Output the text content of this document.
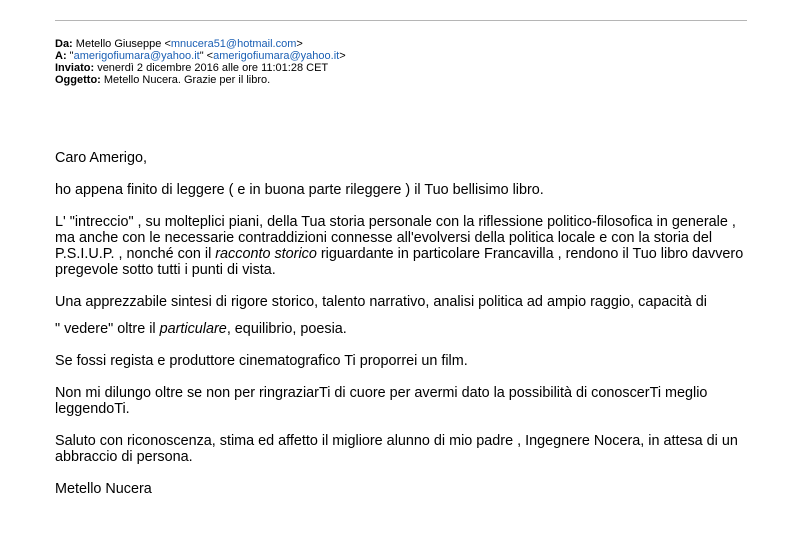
Da: Metello Giuseppe <mnucera51@hotmail.com>
A: "amerigofiumara@yahoo.it" <amerigofiumara@yahoo.it>
Inviato: venerdì 2 dicembre 2016 alle ore 11:01:28 CET
Oggetto: Metello Nucera. Grazie per il libro.

Caro Amerigo,

ho appena finito di leggere ( e in buona parte rileggere ) il Tuo bellisimo libro.

L' "intreccio" , su molteplici piani, della Tua storia personale con la riflessione politico-filosofica in generale , ma anche con le necessarie contraddizioni connesse all'evolversi della politica locale e con la storia del P.S.I.U.P. , nonché con il racconto storico riguardante in particolare Francavilla , rendono il Tuo libro davvero pregevole sotto tutti i punti di vista.

Una apprezzabile sintesi di rigore storico, talento narrativo, analisi politica ad ampio raggio, capacità di

" vedere" oltre il particulare, equilibrio, poesia.

Se fossi regista e produttore cinematografico Ti proporrei un film.

Non mi dilungo oltre se non per ringraziarTi di cuore per avermi dato la possibilità di conoscerTi meglio leggendoTi.

Saluto con riconoscenza, stima ed affetto il migliore alunno di mio padre , Ingegnere Nocera, in attesa di un abbraccio di persona.

Metello Nucera
